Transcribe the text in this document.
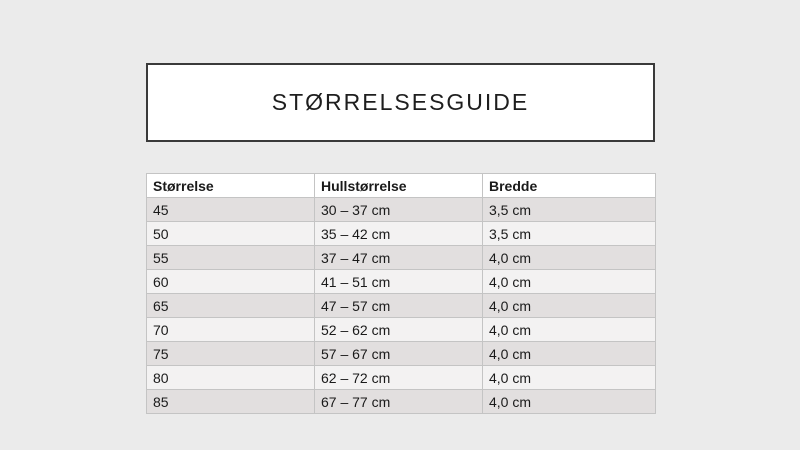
STØRRELSESGUIDE
Størrelse	Hullstørrelse	Bredde
45	30 – 37 cm	3,5 cm
50	35 – 42 cm	3,5 cm
55	37 – 47 cm	4,0 cm
60	41 – 51 cm	4,0 cm
65	47 – 57 cm	4,0 cm
70	52 – 62 cm	4,0 cm
75	57 – 67 cm	4,0 cm
80	62 – 72 cm	4,0 cm
85	67 – 77 cm	4,0 cm
